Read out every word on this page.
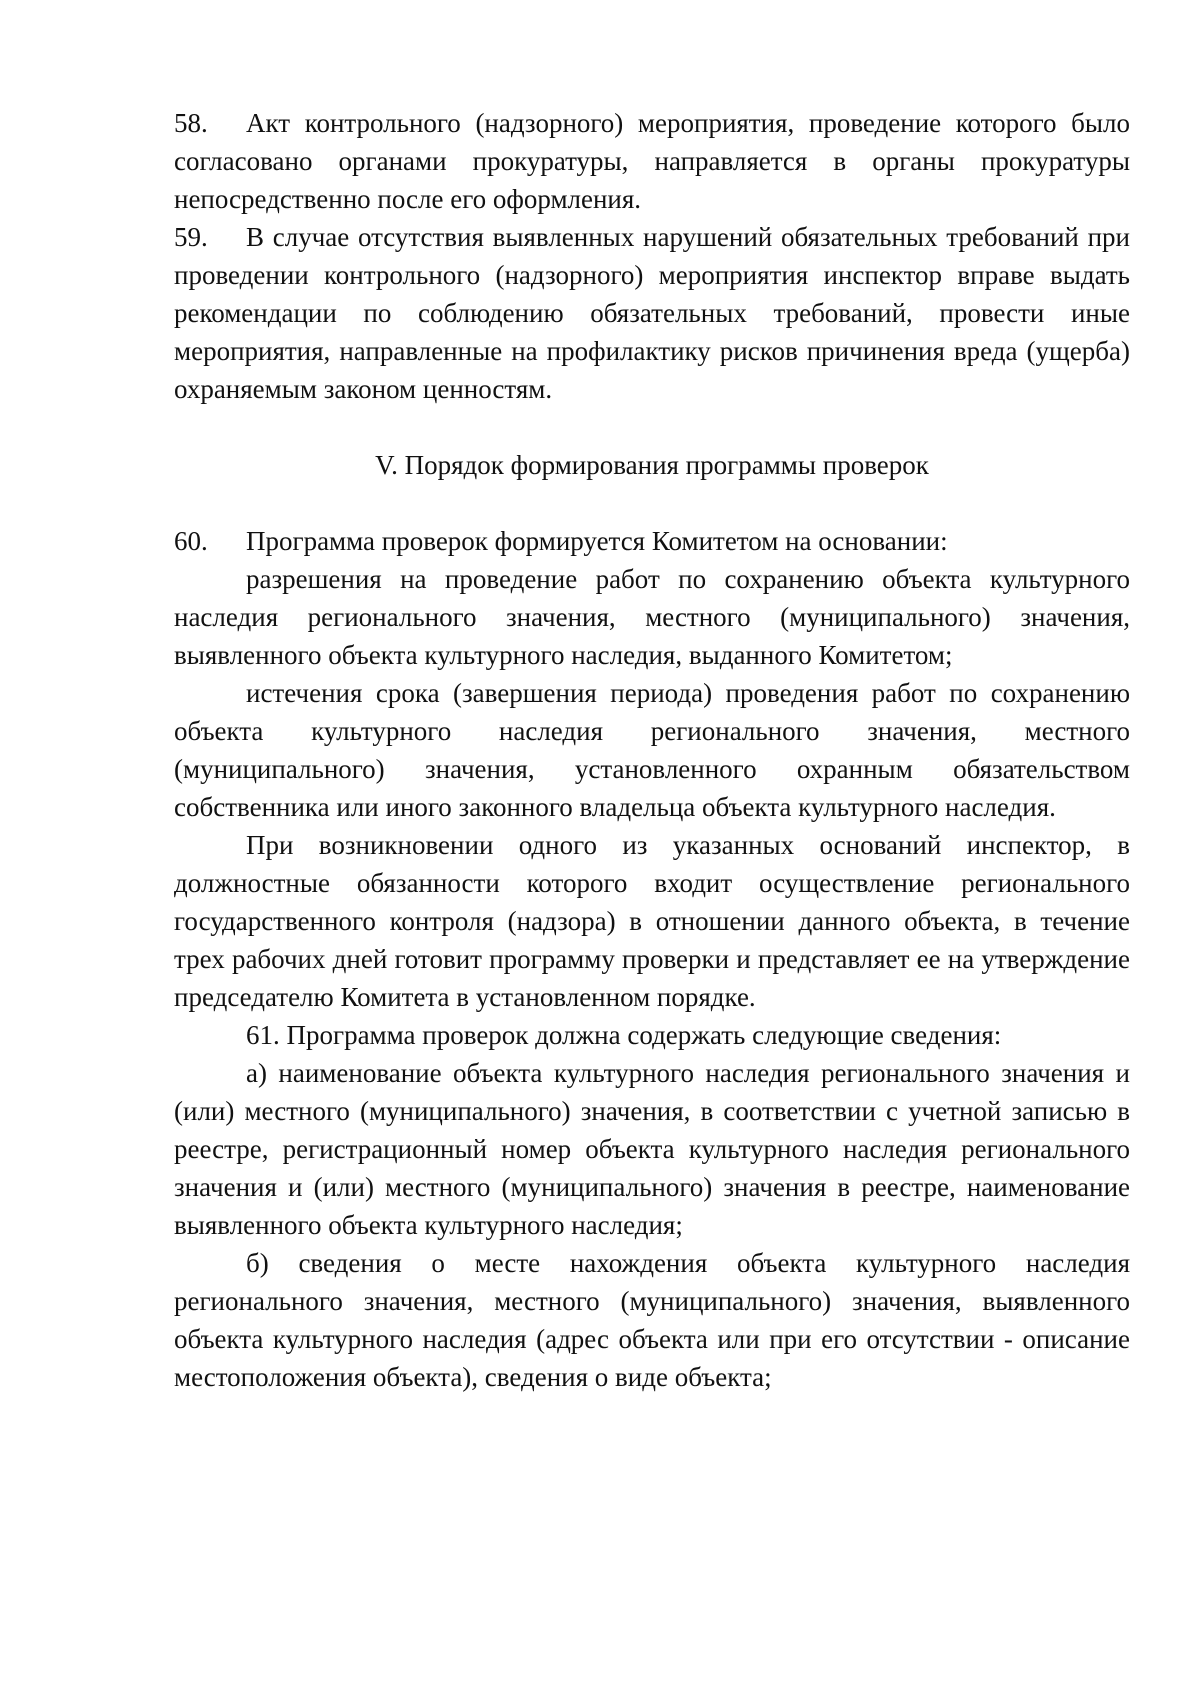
58. Акт контрольного (надзорного) мероприятия, проведение которого было согласовано органами прокуратуры, направляется в органы прокуратуры непосредственно после его оформления.

59. В случае отсутствия выявленных нарушений обязательных требований при проведении контрольного (надзорного) мероприятия инспектор вправе выдать рекомендации по соблюдению обязательных требований, провести иные мероприятия, направленные на профилактику рисков причинения вреда (ущерба) охраняемым законом ценностям.

V. Порядок формирования программы проверок

60. Программа проверок формируется Комитетом на основании:

разрешения на проведение работ по сохранению объекта культурного наследия регионального значения, местного (муниципального) значения, выявленного объекта культурного наследия, выданного Комитетом;

истечения срока (завершения периода) проведения работ по сохранению объекта культурного наследия регионального значения, местного (муниципального) значения, установленного охранным обязательством собственника или иного законного владельца объекта культурного наследия.

При возникновении одного из указанных оснований инспектор, в должностные обязанности которого входит осуществление регионального государственного контроля (надзора) в отношении данного объекта, в течение трех рабочих дней готовит программу проверки и представляет ее на утверждение председателю Комитета в установленном порядке.

61. Программа проверок должна содержать следующие сведения:

а) наименование объекта культурного наследия регионального значения и (или) местного (муниципального) значения, в соответствии с учетной записью в реестре, регистрационный номер объекта культурного наследия регионального значения и (или) местного (муниципального) значения в реестре, наименование выявленного объекта культурного наследия;

б) сведения о месте нахождения объекта культурного наследия регионального значения, местного (муниципального) значения, выявленного объекта культурного наследия (адрес объекта или при его отсутствии - описание местоположения объекта), сведения о виде объекта;
